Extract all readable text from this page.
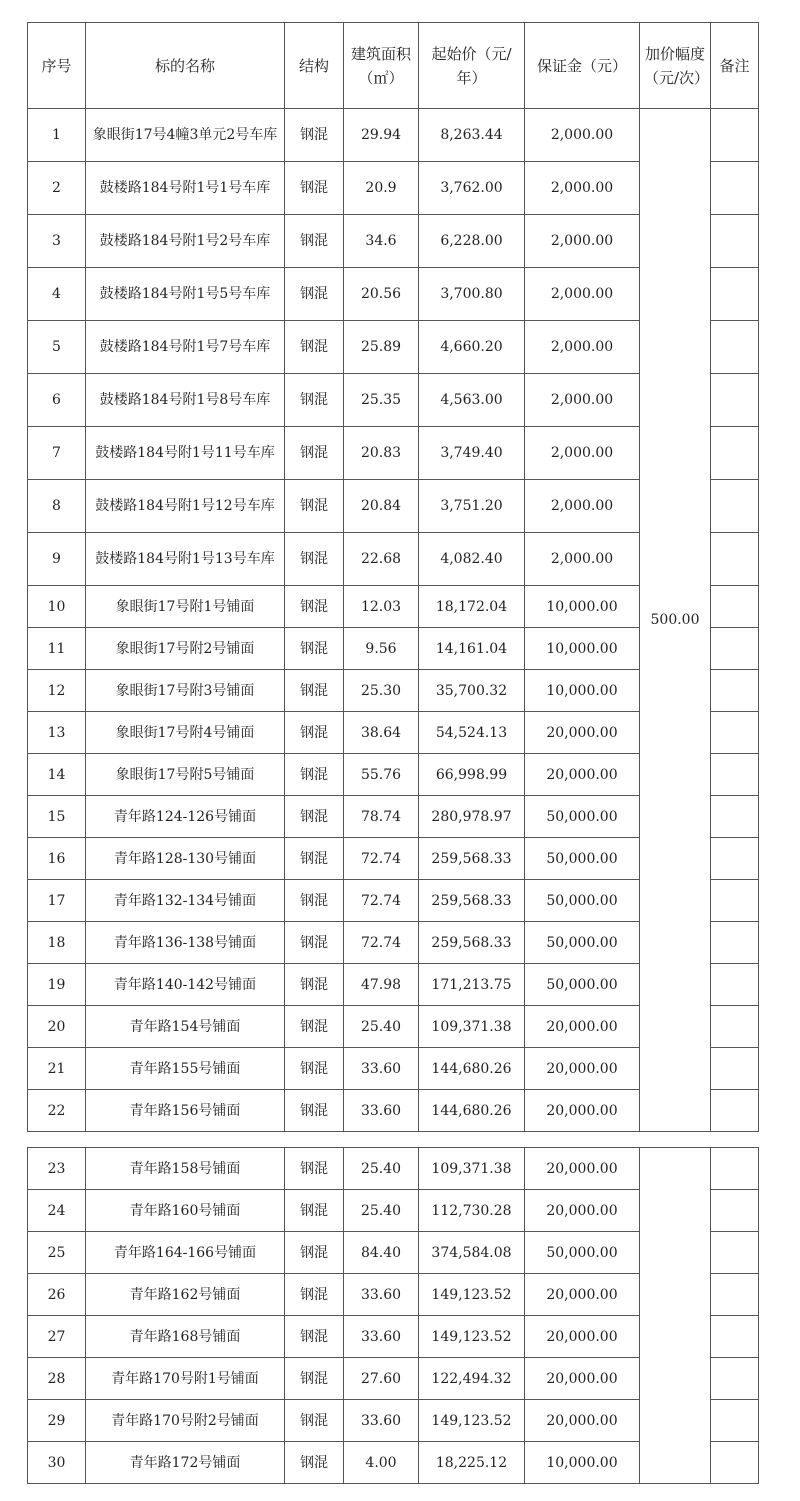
序号	标的名称	结构	建筑面积（㎡）	起始价（元/年）	保证金（元）	加价幅度（元/次）	备注
1	象眼街17号4幢3单元2号车库	钢混	29.94	8,263.44	2,000.00	500.00	
2	鼓楼路184号附1号1号车库	钢混	20.9	3,762.00	2,000.00		
3	鼓楼路184号附1号2号车库	钢混	34.6	6,228.00	2,000.00		
4	鼓楼路184号附1号5号车库	钢混	20.56	3,700.80	2,000.00		
5	鼓楼路184号附1号7号车库	钢混	25.89	4,660.20	2,000.00		
6	鼓楼路184号附1号8号车库	钢混	25.35	4,563.00	2,000.00		
7	鼓楼路184号附1号11号车库	钢混	20.83	3,749.40	2,000.00		
8	鼓楼路184号附1号12号车库	钢混	20.84	3,751.20	2,000.00		
9	鼓楼路184号附1号13号车库	钢混	22.68	4,082.40	2,000.00		
10	象眼街17号附1号铺面	钢混	12.03	18,172.04	10,000.00		
11	象眼街17号附2号铺面	钢混	9.56	14,161.04	10,000.00		
12	象眼街17号附3号铺面	钢混	25.30	35,700.32	10,000.00		
13	象眼街17号附4号铺面	钢混	38.64	54,524.13	20,000.00		
14	象眼街17号附5号铺面	钢混	55.76	66,998.99	20,000.00		
15	青年路124-126号铺面	钢混	78.74	280,978.97	50,000.00		
16	青年路128-130号铺面	钢混	72.74	259,568.33	50,000.00		
17	青年路132-134号铺面	钢混	72.74	259,568.33	50,000.00		
18	青年路136-138号铺面	钢混	72.74	259,568.33	50,000.00		
19	青年路140-142号铺面	钢混	47.98	171,213.75	50,000.00		
20	青年路154号铺面	钢混	25.40	109,371.38	20,000.00		
21	青年路155号铺面	钢混	33.60	144,680.26	20,000.00		
22	青年路156号铺面	钢混	33.60	144,680.26	20,000.00		
23	青年路158号铺面	钢混	25.40	109,371.38	20,000.00		
24	青年路160号铺面	钢混	25.40	112,730.28	20,000.00		
25	青年路164-166号铺面	钢混	84.40	374,584.08	50,000.00		
26	青年路162号铺面	钢混	33.60	149,123.52	20,000.00		
27	青年路168号铺面	钢混	33.60	149,123.52	20,000.00		
28	青年路170号附1号铺面	钢混	27.60	122,494.32	20,000.00		
29	青年路170号附2号铺面	钢混	33.60	149,123.52	20,000.00		
30	青年路172号铺面	钢混	4.00	18,225.12	10,000.00		
